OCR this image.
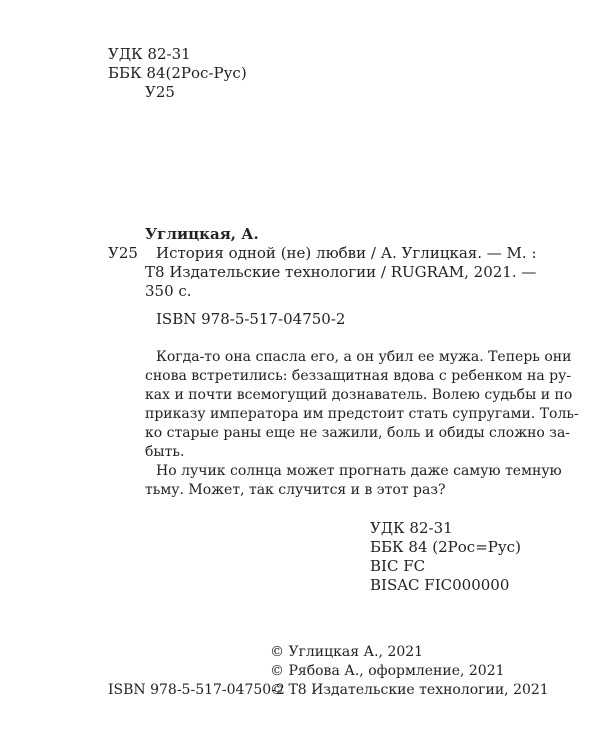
УДК 82-31
ББК 84(2Рос-Рус)
У25
Углицкая, А.
У25 История одной (не) любви / А. Углицкая. — М. :
Т8 Издательские технологии / RUGRAM, 2021. —
350 с.
ISBN 978-5-517-04750-2
Когда-то она спасла его, а он убил ее мужа. Теперь они
снова встретились: беззащитная вдова с ребенком на ру-
ках и почти всемогущий дознаватель. Волею судьбы и по
приказу императора им предстоит стать супругами. Толь-
ко старые раны еще не зажили, боль и обиды сложно за-
быть.
Но лучик солнца может прогнать даже самую темную
тьму. Может, так случится и в этот раз?
УДК 82-31
ББК 84 (2Рос=Рус)
BIC FC
BISAC FIC000000
© Углицкая А., 2021
© Рябова А., оформление, 2021
ISBN 978-5-517-04750-2
© Т8 Издательские технологии, 2021
